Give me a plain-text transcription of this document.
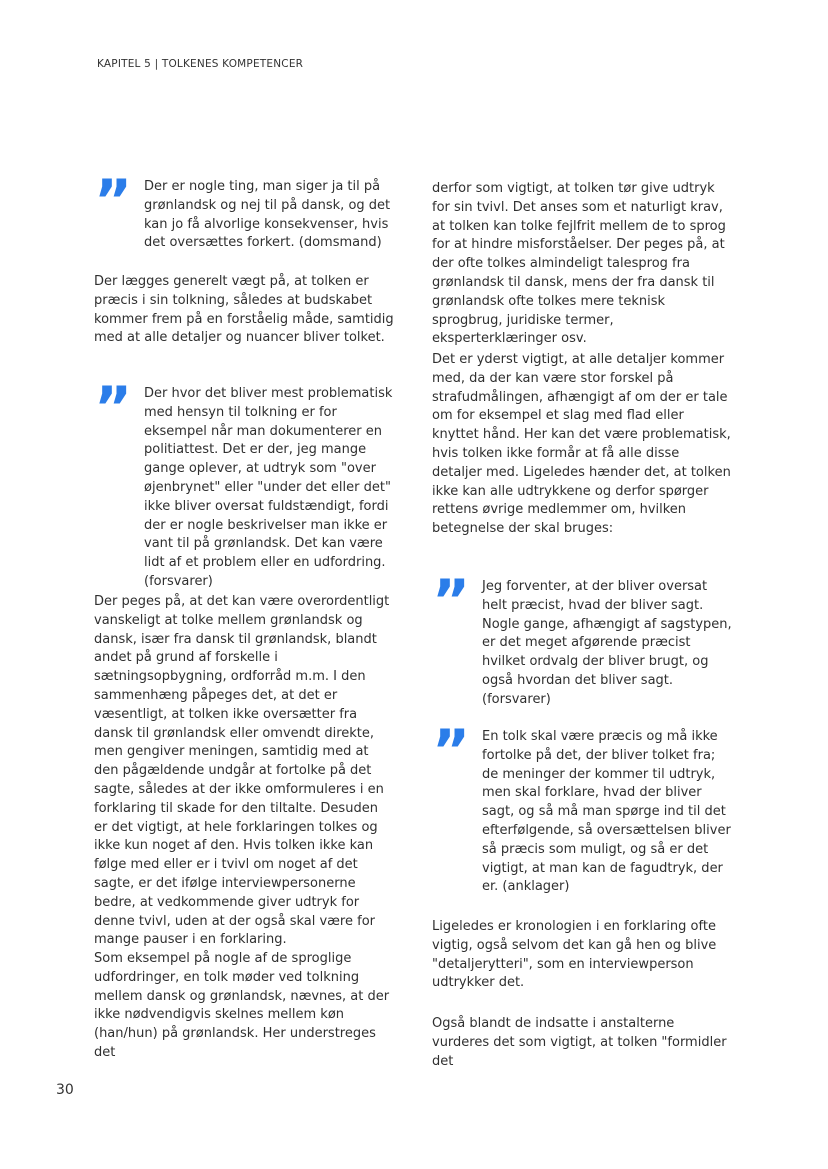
KAPITEL 5 | TOLKENES KOMPETENCER
” Der er nogle ting, man siger ja til på grønlandsk og nej til på dansk, og det kan jo få alvorlige konsekvenser, hvis det oversættes forkert. (domsmand)

Der lægges generelt vægt på, at tolken er præcis i sin tolkning, således at budskabet kommer frem på en forståelig måde, samtidig med at alle detaljer og nuancer bliver tolket.

” Der hvor det bliver mest problematisk med hensyn til tolkning er for eksempel når man dokumenterer en politiattest. Det er der, jeg mange gange oplever, at udtryk som "over øjenbrynet" eller "under det eller det" ikke bliver oversat fuldstændigt, fordi der er nogle beskrivelser man ikke er vant til på grønlandsk. Det kan være lidt af et problem eller en udfordring. (forsvarer)

Der peges på, at det kan være overordentligt vanskeligt at tolke mellem grønlandsk og dansk, især fra dansk til grønlandsk, blandt andet på grund af forskelle i sætningsopbygning, ordforråd m.m. I den sammenhæng påpeges det, at det er væsentligt, at tolken ikke oversætter fra dansk til grønlandsk eller omvendt direkte, men gengiver meningen, samtidig med at den pågældende undgår at fortolke på det sagte, således at der ikke omformuleres i en forklaring til skade for den tiltalte. Desuden er det vigtigt, at hele forklaringen tolkes og ikke kun noget af den. Hvis tolken ikke kan følge med eller er i tvivl om noget af det sagte, er det ifølge interviewpersonerne bedre, at vedkommende giver udtryk for denne tvivl, uden at der også skal være for mange pauser i en forklaring.

Som eksempel på nogle af de sproglige udfordringer, en tolk møder ved tolkning mellem dansk og grønlandsk, nævnes, at der ikke nødvendigvis skelnes mellem køn (han/hun) på grønlandsk. Her understreges det

derfor som vigtigt, at tolken tør give udtryk for sin tvivl. Det anses som et naturligt krav, at tolken kan tolke fejlfrit mellem de to sprog for at hindre misforståelser. Der peges på, at der ofte tolkes almindeligt talesprog fra grønlandsk til dansk, mens der fra dansk til grønlandsk ofte tolkes mere teknisk sprogbrug, juridiske termer, eksperterklæringer osv.

Det er yderst vigtigt, at alle detaljer kommer med, da der kan være stor forskel på strafudmålingen, afhængigt af om der er tale om for eksempel et slag med flad eller knyttet hånd. Her kan det være problematisk, hvis tolken ikke formår at få alle disse detaljer med. Ligeledes hænder det, at tolken ikke kan alle udtrykkene og derfor spørger rettens øvrige medlemmer om, hvilken betegnelse der skal bruges:

” Jeg forventer, at der bliver oversat helt præcist, hvad der bliver sagt. Nogle gange, afhængigt af sagstypen, er det meget afgørende præcist hvilket ordvalg der bliver brugt, og også hvordan det bliver sagt. (forsvarer)

” En tolk skal være præcis og må ikke fortolke på det, der bliver tolket fra; de meninger der kommer til udtryk, men skal forklare, hvad der bliver sagt, og så må man spørge ind til det efterfølgende, så oversættelsen bliver så præcis som muligt, og så er det vigtigt, at man kan de fagudtryk, der er. (anklager)

Ligeledes er kronologien i en forklaring ofte vigtig, også selvom det kan gå hen og blive "detaljerytteri", som en interviewperson udtrykker det.

Også blandt de indsatte i anstalterne vurderes det som vigtigt, at tolken "formidler det

30
